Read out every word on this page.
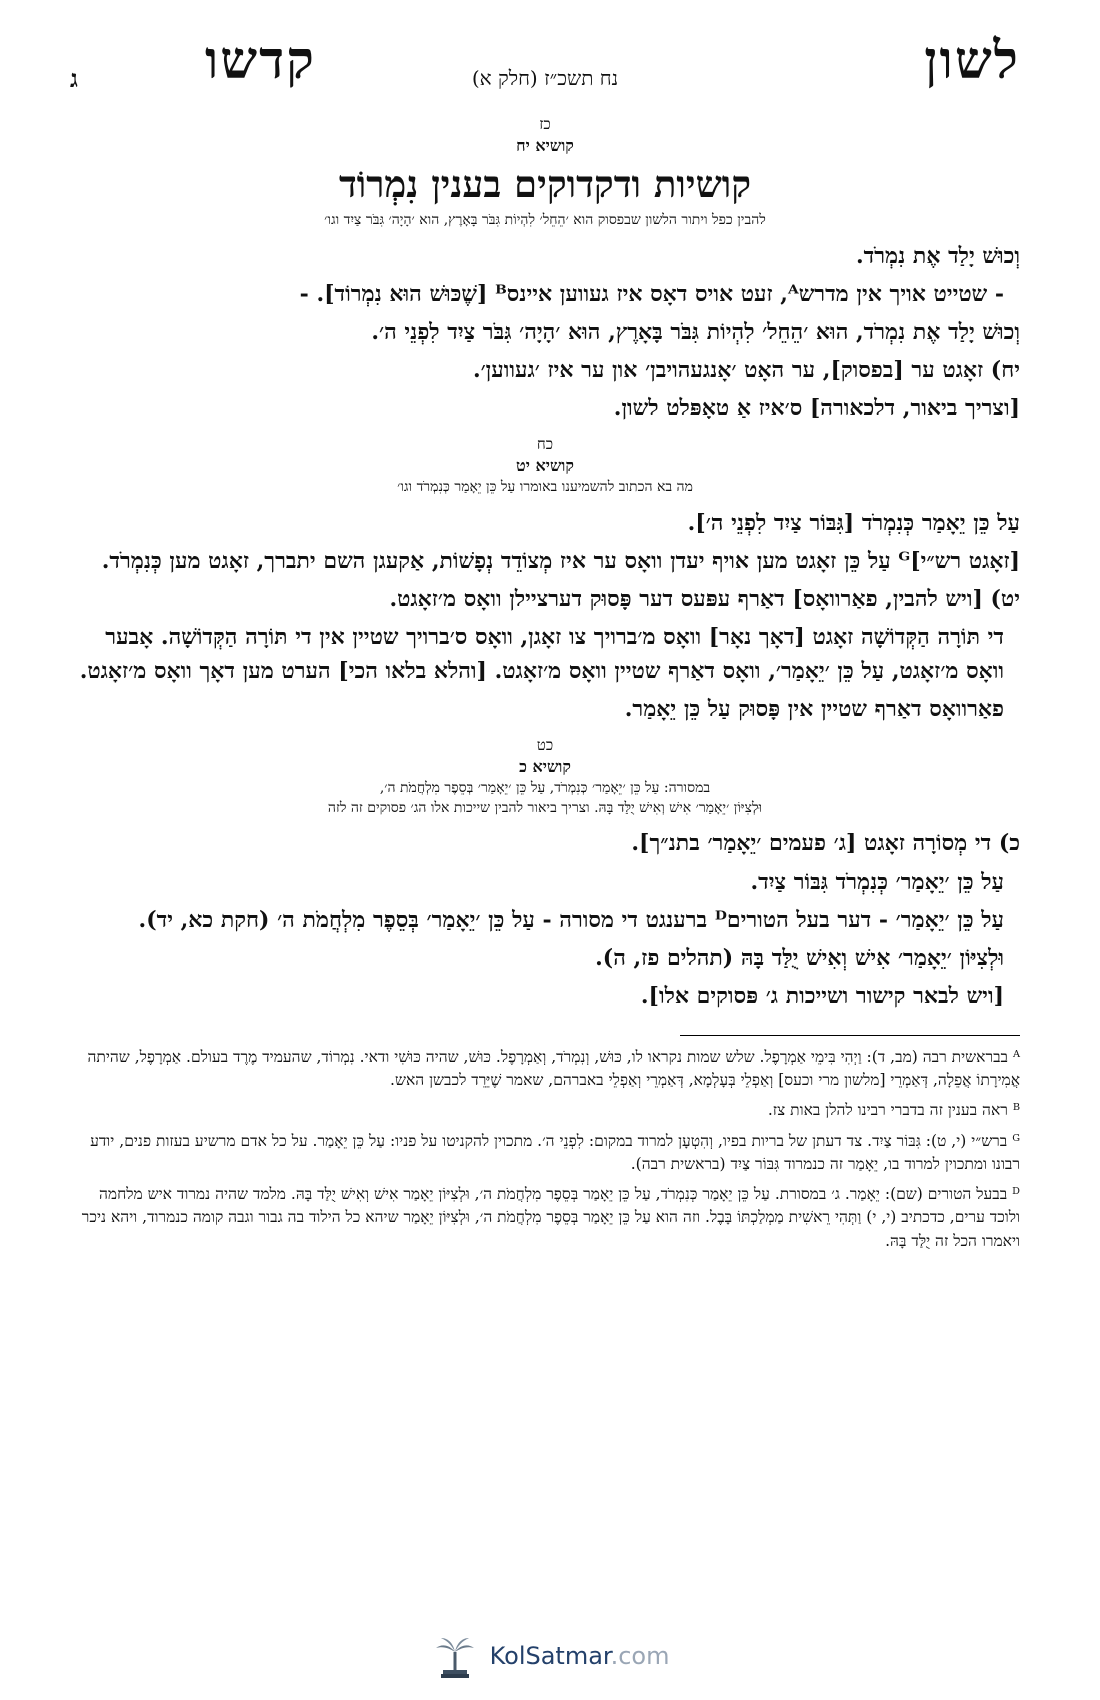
לשון
נח תשכ״ז (חלק א)
קדשו
ג
כז
קושיא יח
קושיות ודקדוקים בענין נִמְרוֹד
להבין כפל ויתור הלשון שבפסוק הוא ׳הֵחֵל׳ לִהְיוֹת גִּבֹּר בָּאָרֶץ, הוא ׳הָיָה׳ גִּבֹּר צַיִד וגו׳
וְכוּשׁ יָלַד אֶת נִמְרֹד.
- שטייט אויך אין מדרשᴬ, זעט אויס דאָס איז געווען איינסᴮ [שֶׁכּוּשׁ הוּא נִמְרוֹד]. -
וְכוּשׁ יָלַד אֶת נִמְרֹד, הוּא ׳הֵחֵל׳ לִהְיוֹת גִּבֹּר בָּאָרֶץ, הוּא ׳הָיָה׳ גִּבֹּר צַיִד לִפְנֵי ה׳.
יח) זאָגט ער [בפסוק], ער האָט ׳אָנגעהויבן׳ און ער איז ׳געווען׳.
[וצריך ביאור, דלכאורה] ס׳איז אַ טאָפּלט לשון.
כח
קושיא יט
מה בא הכתוב להשמיענו באומרו עַל כֵּן יֵאָמַר כְּנִמְרֹד וגו׳
עַל כֵּן יֵאָמַר כְּנִמְרֹד [גִּבּוֹר צַיִד לִפְנֵי ה׳].
[זאָגט רש״י]ᴳ עַל כֵּן זאָגט מען אויף יעדן וואָס ער איז מְצוֹדֵד נְפָשׁוֹת, אַקעגן השם יתברך, זאָגט מען כְּנִמְרֹד.
יט) [ויש להבין, פאַרוואָס] דאַרף עפּעס דער פָּסוּק דערציילן וואָס מ׳זאָגט.
די תּוֹרָה הַקְּדוֹשָׁה זאָגט [דאָך נאָר] וואָס מ׳ברויך צו זאָגן, וואָס ס׳ברויך שטיין אין די תּוֹרָה הַקְּדוֹשָׁה. אָבער וואָס מ׳זאָגט, עַל כֵּן ׳יֵאָמַר׳, וואָס דאַרף שטיין וואָס מ׳זאָגט. [והלא בלאו הכי] הערט מען דאָך וואָס מ׳זאָגט.
פאַרוואָס דאַרף שטיין אין פָּסוּק עַל כֵּן יֵאָמַר.
כט
קושיא כ
במסורה: עַל כֵּן ׳יֵאָמַר׳ כְּנִמְרֹד, עַל כֵּן ׳יֵאָמַר׳ בְּסֵפֶר מִלְחֲמֹת ה׳,
וּלְצִיּוֹן ׳יֵאָמַר׳ אִישׁ וְאִישׁ יֻלַּד בָּהּ. וצריך ביאור להבין שייכות אלו הג׳ פסוקים זה לזה
כ) די מְסוֹרָה זאָגט [ג׳ פעמים ׳יֵאָמַר׳ בתנ״ך].
עַל כֵּן ׳יֵאָמַר׳ כְּנִמְרֹד גִּבּוֹר צַיִד.
עַל כֵּן ׳יֵאָמַר׳ - דער בעל הטוריםᴰ ברענגט די מסורה - עַל כֵּן ׳יֵאָמַר׳ בְּסֵפֶר מִלְחֲמֹת ה׳ (חקת כא, יד).
וּלְצִיּוֹן ׳יֵאָמַר׳ אִישׁ וְאִישׁ יֻלַּד בָּהּ (תהלים פז, ה).
[ויש לבאר קישור ושייכות ג׳ פּסוקים אלו].
ᴬ בבראשית רבה (מב, ד): וַיְהִי בִּימֵי אַמְרָפֶל. שלש שמות נקראו לו, כּוּשׁ, וְנִמְרֹד, וְאַמְרָפֶל. כּוּשׁ, שהיה כּוּשִׁי ודאי. נִמְרוֹד, שהעמיד מֶרֶד בעולם. אַמְרָפֶל, שהיתה אֲמִירָתוֹ אֲפֵלָה, דְּאַמְרֵי [מלשון מרי וכעס] וְאַפְלֵי בְּעָלְמָא, דְּאַמְרֵי וְאַפְלֵי באברהם, שאמר שֶׁיֵּרֵד לכבשן האש.
ᴮ ראה בענין זה בדברי רבינו להלן באות צז.
ᴳ ברש״י (י, ט): גִּבּוֹר צַיִד. צד דעתן של בריות בפיו, וְהִטְעָן למרוד במקום: לִפְנֵי ה׳. מתכוין להקניטו על פניו: עַל כֵּן יֵאָמַר. על כל אדם מרשיע בעזות פנים, יודע רבונו ומתכוין למרוד בו, יֵאָמַר זה כנמרוד גִּבּוֹר צַיִד (בראשית רבה).
ᴰ בבעל הטורים (שם): יֵאָמַר. ג׳ במסורת. עַל כֵּן יֵאָמַר כְּנִמְרֹד, עַל כֵּן יֵאָמַר בְּסֵפֶר מִלְחֲמֹת ה׳, וּלְצִיּוֹן יֵאָמַר אִישׁ וְאִישׁ יֻלַּד בָּהּ. מלמד שהיה נמרוד איש מלחמה ולוכד ערים, כדכתיב (י, י) וַתְּהִי רֵאשִׁית מַמְלַכְתּוֹ בָּבֶל. וזה הוא עַל כֵּן יֵאָמַר בְּסֵפֶר מִלְחֲמֹת ה׳, וּלְצִיּוֹן יֵאָמַר שיהא כל הילוד בה גבור וגבה קומה כנמרוד, ויהא ניכר ויאמרו הכל זה יֻלַּד בָּהּ.
KolSatmar.com
